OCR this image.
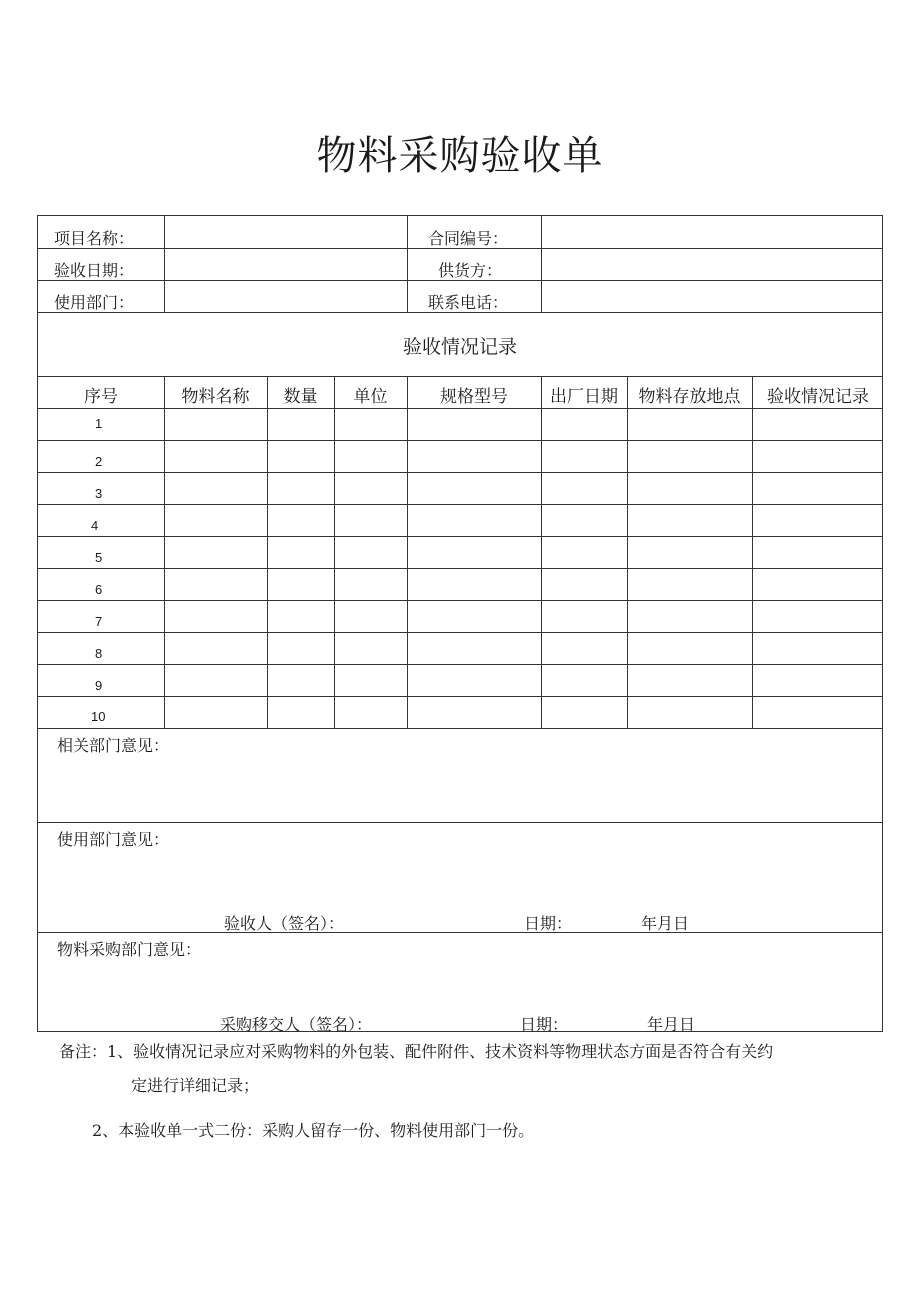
物料采购验收单
项目名称：	合同编号：
验收日期：	供货方：
使用部门：	联系电话：
验收情况记录
序号	物料名称	数量	单位	规格型号	出厂日期	物料存放地点	验收情况记录
1
2
3
4
5
6
7
8
9
10
相关部门意见：
使用部门意见：
验收人（签名）：	日期：	年月日
物料采购部门意见：
采购移交人（签名）：	日期：	年月日
备注：1、验收情况记录应对采购物料的外包装、配件附件、技术资料等物理状态方面是否符合有关约
定进行详细记录；
2、本验收单一式二份：采购人留存一份、物料使用部门一份。
